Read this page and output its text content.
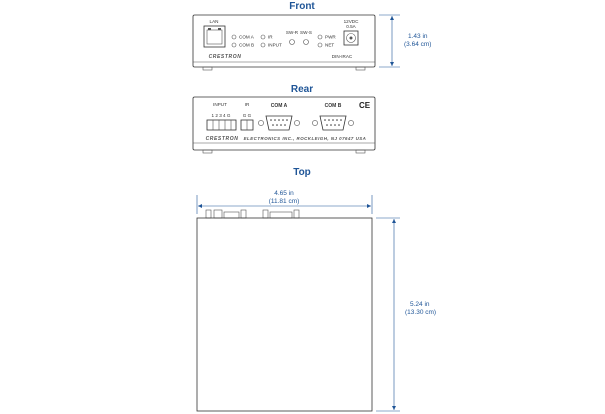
Front
LAN
COM A
COM B
IR
INPUT
SW-R SW-S
PWR
NET
12VDC
0.5A
CRESTRON	DIN-IRAC
1.43 in
(3.64 cm)
Rear
INPUT
1 2 3 4 G
IR
G G
COM A	COM B CE
CRESTRON ELECTRONICS INC., ROCKLEIGH, NJ 07647 USA
Top
4.65 in
(11.81 cm)
5.24 in
(13.30 cm)
